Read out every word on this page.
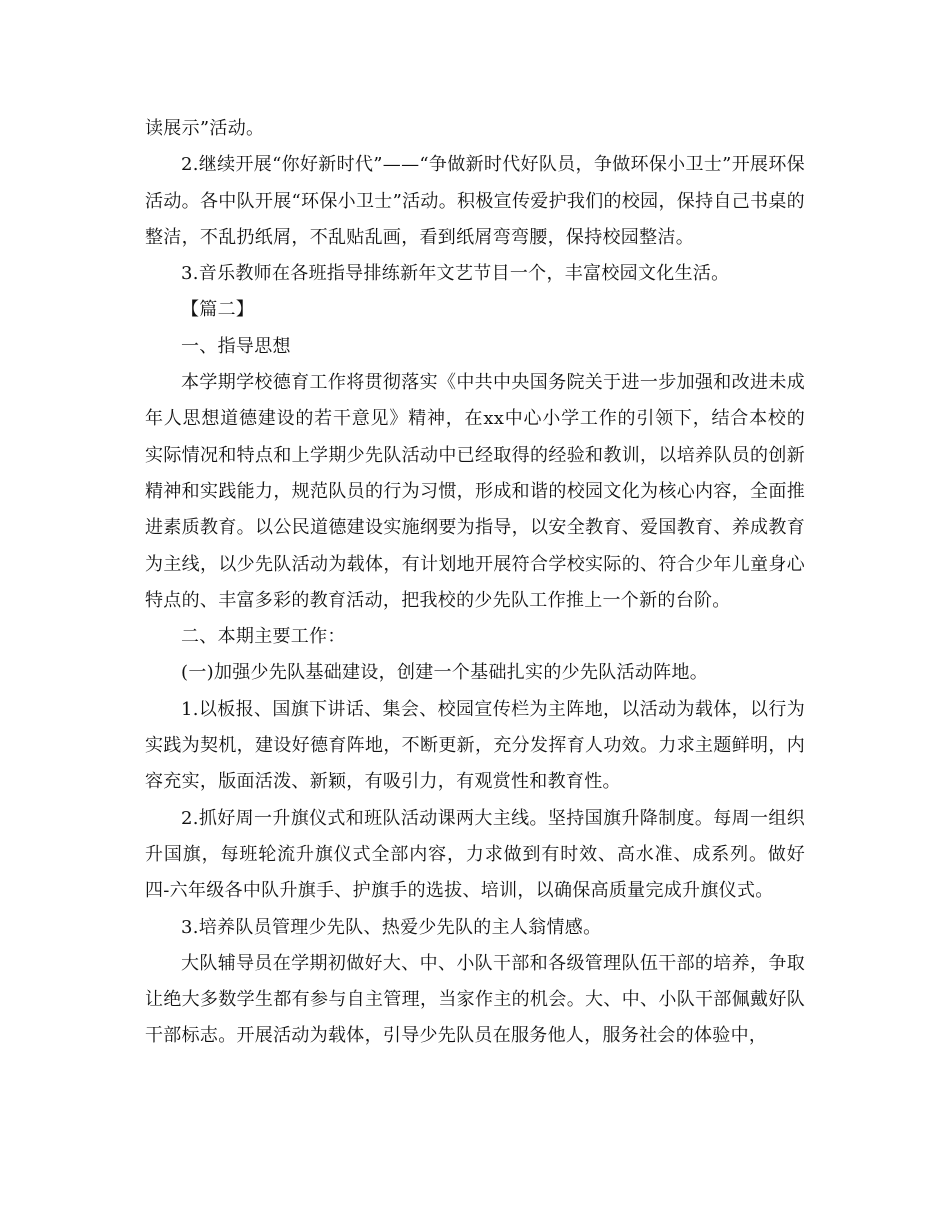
读展示”活动。

2.继续开展“你好新时代”——“争做新时代好队员，争做环保小卫士”开展环保活动。各中队开展“环保小卫士”活动。积极宣传爱护我们的校园，保持自己书桌的整洁，不乱扔纸屑，不乱贴乱画，看到纸屑弯弯腰，保持校园整洁。

3.音乐教师在各班指导排练新年文艺节目一个，丰富校园文化生活。

【篇二】

一、指导思想

本学期学校德育工作将贯彻落实《中共中央国务院关于进一步加强和改进未成年人思想道德建设的若干意见》精神，在xx中心小学工作的引领下，结合本校的实际情况和特点和上学期少先队活动中已经取得的经验和教训，以培养队员的创新精神和实践能力，规范队员的行为习惯，形成和谐的校园文化为核心内容，全面推进素质教育。以公民道德建设实施纲要为指导，以安全教育、爱国教育、养成教育为主线，以少先队活动为载体，有计划地开展符合学校实际的、符合少年儿童身心特点的、丰富多彩的教育活动，把我校的少先队工作推上一个新的台阶。

二、本期主要工作：

(一)加强少先队基础建设，创建一个基础扎实的少先队活动阵地。

1.以板报、国旗下讲话、集会、校园宣传栏为主阵地，以活动为载体，以行为实践为契机，建设好德育阵地，不断更新，充分发挥育人功效。力求主题鲜明，内容充实，版面活泼、新颖，有吸引力，有观赏性和教育性。

2.抓好周一升旗仪式和班队活动课两大主线。坚持国旗升降制度。每周一组织升国旗，每班轮流升旗仪式全部内容，力求做到有时效、高水准、成系列。做好四-六年级各中队升旗手、护旗手的选拔、培训，以确保高质量完成升旗仪式。

3.培养队员管理少先队、热爱少先队的主人翁情感。

大队辅导员在学期初做好大、中、小队干部和各级管理队伍干部的培养，争取让绝大多数学生都有参与自主管理，当家作主的机会。大、中、小队干部佩戴好队干部标志。开展活动为载体，引导少先队员在服务他人，服务社会的体验中，
